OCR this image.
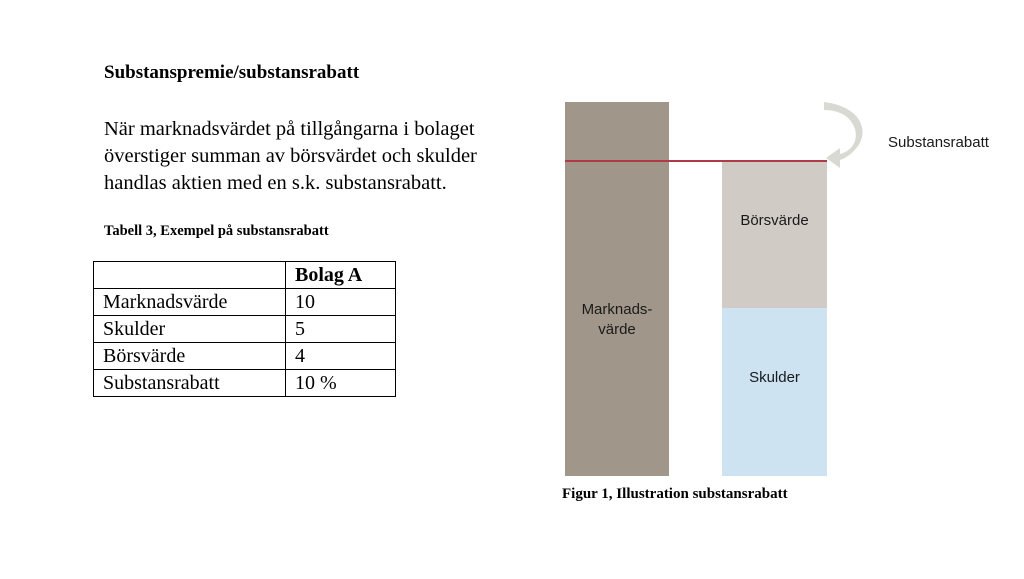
Substanspremie/substansrabatt
När marknadsvärdet på tillgångarna i bolaget
överstiger summan av börsvärdet och skulder
handlas aktien med en s.k. substansrabatt.
Tabell 3, Exempel på substansrabatt
	Bolag A
Marknadsvärde	10
Skulder	5
Börsvärde	4
Substansrabatt	10 %
Marknads-
värde
Börsvärde
Skulder
Substansrabatt
Figur 1, Illustration substansrabatt
